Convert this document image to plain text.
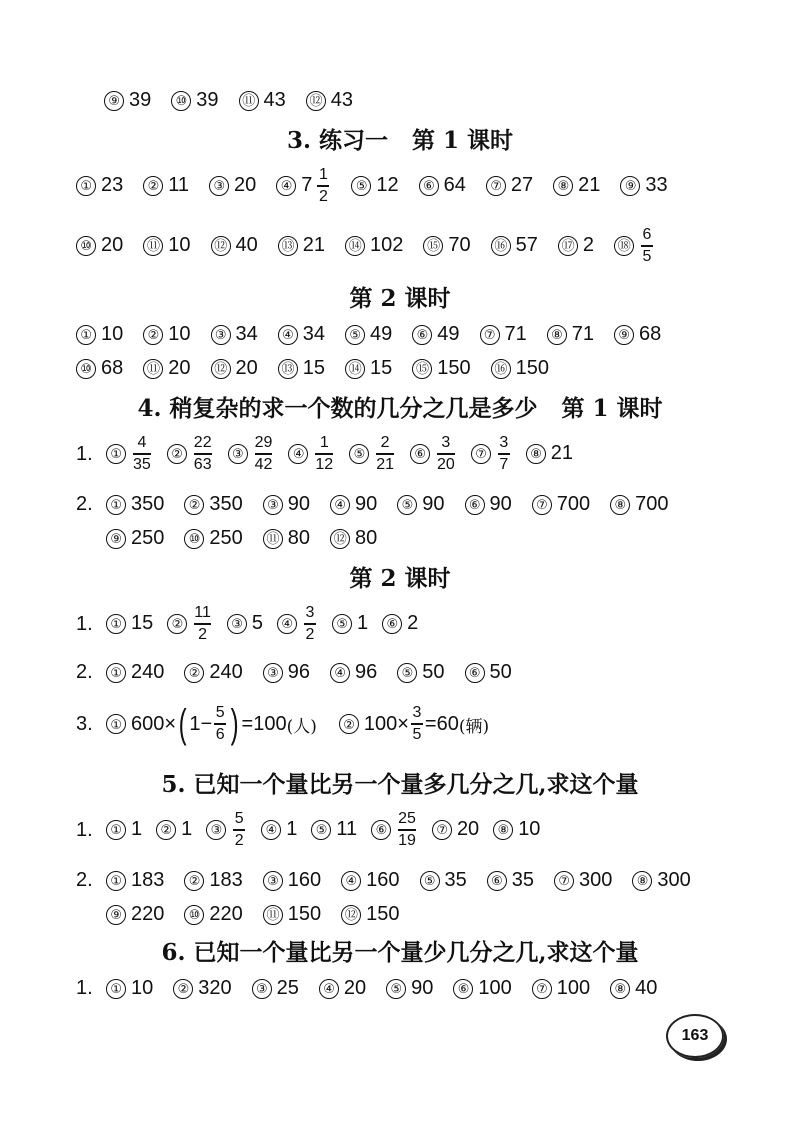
⑨ 39	⑩ 39 ⑪ 43 ⑫ 43
3. 练习一 第 1 课时
① 23	② 11	③ 20	④ $7 \frac{1}{2}$	⑤ 12	⑥ 64	⑦ 27	⑧ 21	⑨ 33
⑩ 20 ⑪ 10 ⑫ 40 ⑬ 21 ⑭ 102 ⑮ 70 ⑯ 57 ⑰ 2 ⑱ $\frac{6}{5}$
第 2 课时
① 10	② 10	③ 34	④ 34	⑤ 49	⑥ 49	⑦ 71	⑧ 71	⑨ 68
⑩ 68 ⑪ 20 ⑫ 20 ⑬ 15 ⑭ 15 ⑮ 150 ⑯ 150
4. 稍复杂的求一个数的几分之几是多少 第 1 课时
1.	① $\frac{4}{35}$	② $\frac{22}{63}$	③ $\frac{29}{42}$	④ $\frac{1}{12}$	⑤ $\frac{2}{21}$	⑥ $\frac{3}{20}$	⑦ $\frac{3}{7}$	⑧ 21
2.	① 350	② 350	③ 90	④ 90	⑤ 90	⑥ 90	⑦ 700	⑧ 700
⑨ 250	⑩ 250 ⑪ 80 ⑫ 80
第 2 课时
1.	① 15	② $\frac{11}{2}$	③ 5	④ $\frac{3}{2}$	⑤ 1	⑥ 2
2.	① 240	② 240	③ 96	④ 96	⑤ 50	⑥ 50
3.	① 600× ( $1- \frac{5}{6}$ ) =100 (人)	② $100\times \frac{3}{5} =60$ (辆)
5. 已知一个量比另一个量多几分之几,求这个量
1.	① 1	② 1	③ $\frac{5}{2}$	④ 1	⑤ 11	⑥ $\frac{25}{19}$	⑦ 20	⑧ 10
2.	① 183	② 183	③ 160	④ 160	⑤ 35	⑥ 35	⑦ 300	⑧ 300
⑨ 220	⑩ 220 ⑪ 150 ⑫ 150
6. 已知一个量比另一个量少几分之几,求这个量
1.	① 10	② 320	③ 25	④ 20	⑤ 90	⑥ 100	⑦ 100	⑧ 40
163
